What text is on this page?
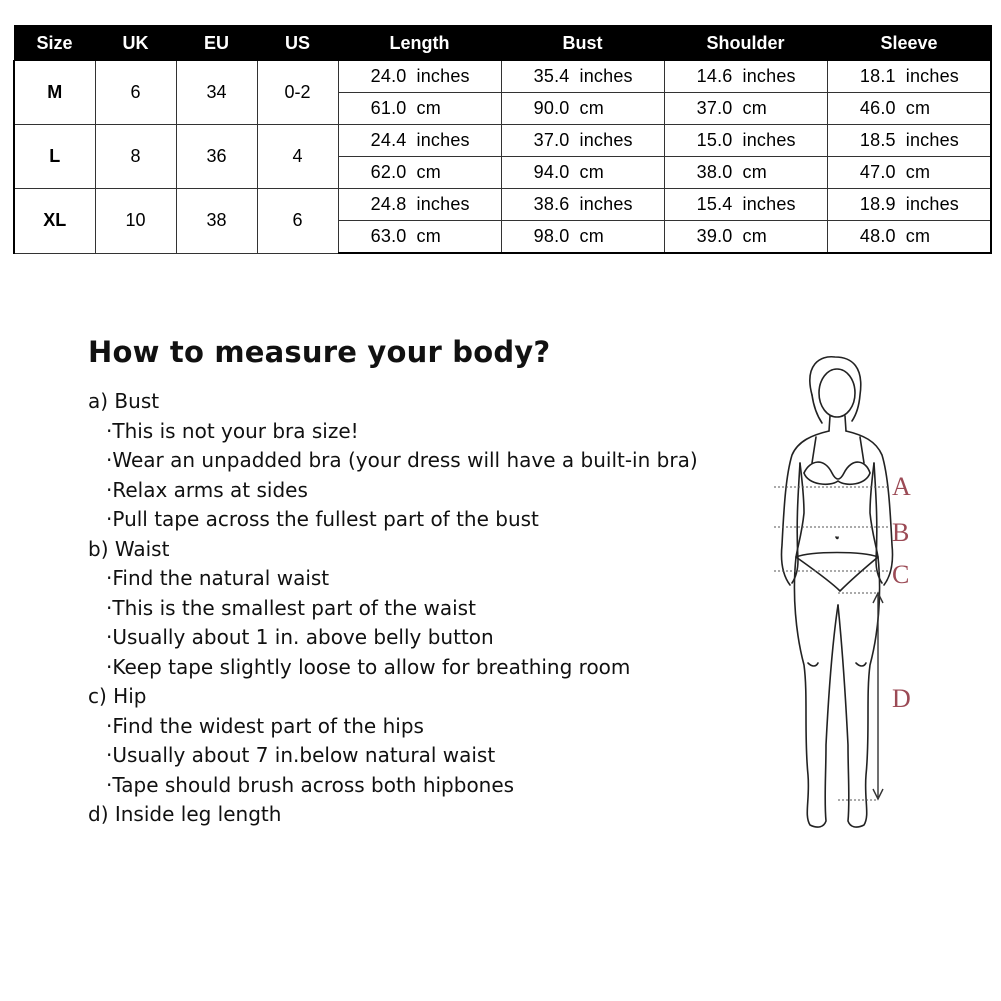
Size	UK	EU	US	Length	Bust	Shoulder	Sleeve
M	6	34	0-2	24.0 inches	35.4 inches	14.6 inches	18.1 inches
				61.0 cm	90.0 cm	37.0 cm	46.0 cm
L	8	36	4	24.4 inches	37.0 inches	15.0 inches	18.5 inches
				62.0 cm	94.0 cm	38.0 cm	47.0 cm
XL	10	38	6	24.8 inches	38.6 inches	15.4 inches	18.9 inches
				63.0 cm	98.0 cm	39.0 cm	48.0 cm
How to measure your body?
a) Bust
·This is not your bra size!
·Wear an unpadded bra (your dress will have a built-in bra)
·Relax arms at sides
·Pull tape across the fullest part of the bust
b) Waist
·Find the natural waist
·This is the smallest part of the waist
·Usually about 1 in. above belly button
·Keep tape slightly loose to allow for breathing room
c) Hip
·Find the widest part of the hips
·Usually about 7 in.below natural waist
·Tape should brush across both hipbones
d) Inside leg length
A
B
C
D
